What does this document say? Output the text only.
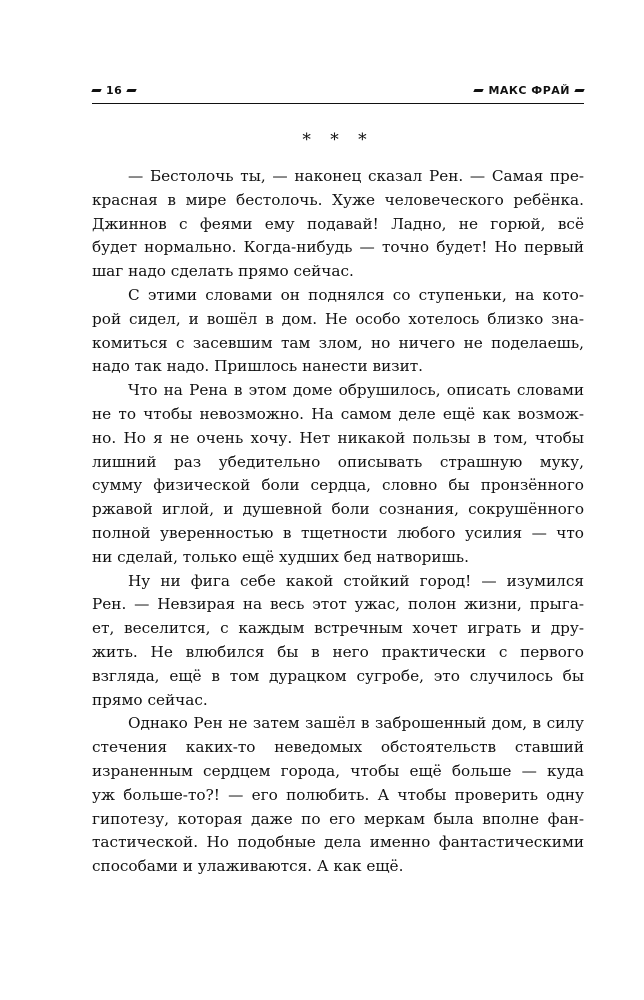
16	МАКС ФРАЙ
* * *

— Бестолочь ты, — наконец сказал Рен. — Самая пре-
красная в мире бестолочь. Хуже человеческого ребёнка.
Джиннов с феями ему подавай! Ладно, не горюй, всё
будет нормально. Когда-нибудь — точно будет! Но первый
шаг надо сделать прямо сейчас.

С этими словами он поднялся со ступеньки, на кото-
рой сидел, и вошёл в дом. Не особо хотелось близко зна-
комиться с засевшим там злом, но ничего не поделаешь,
надо так надо. Пришлось нанести визит.

Что на Рена в этом доме обрушилось, описать словами
не то чтобы невозможно. На самом деле ещё как возмож-
но. Но я не очень хочу. Нет никакой пользы в том, чтобы
лишний раз убедительно описывать страшную муку,
сумму физической боли сердца, словно бы пронзённого
ржавой иглой, и душевной боли сознания, сокрушённого
полной уверенностью в тщетности любого усилия — что
ни сделай, только ещё худших бед натворишь.

Ну ни фига себе какой стойкий город! — изумился
Рен. — Невзирая на весь этот ужас, полон жизни, прыга-
ет, веселится, с каждым встречным хочет играть и дру-
жить. Не влюбился бы в него практически с первого
взгляда, ещё в том дурацком сугробе, это случилось бы
прямо сейчас.

Однако Рен не затем зашёл в заброшенный дом, в силу
стечения каких-то неведомых обстоятельств ставший
израненным сердцем города, чтобы ещё больше — куда
уж больше-то?! — его полюбить. А чтобы проверить одну
гипотезу, которая даже по его меркам была вполне фан-
тастической. Но подобные дела именно фантастическими
способами и улаживаются. А как ещё.
